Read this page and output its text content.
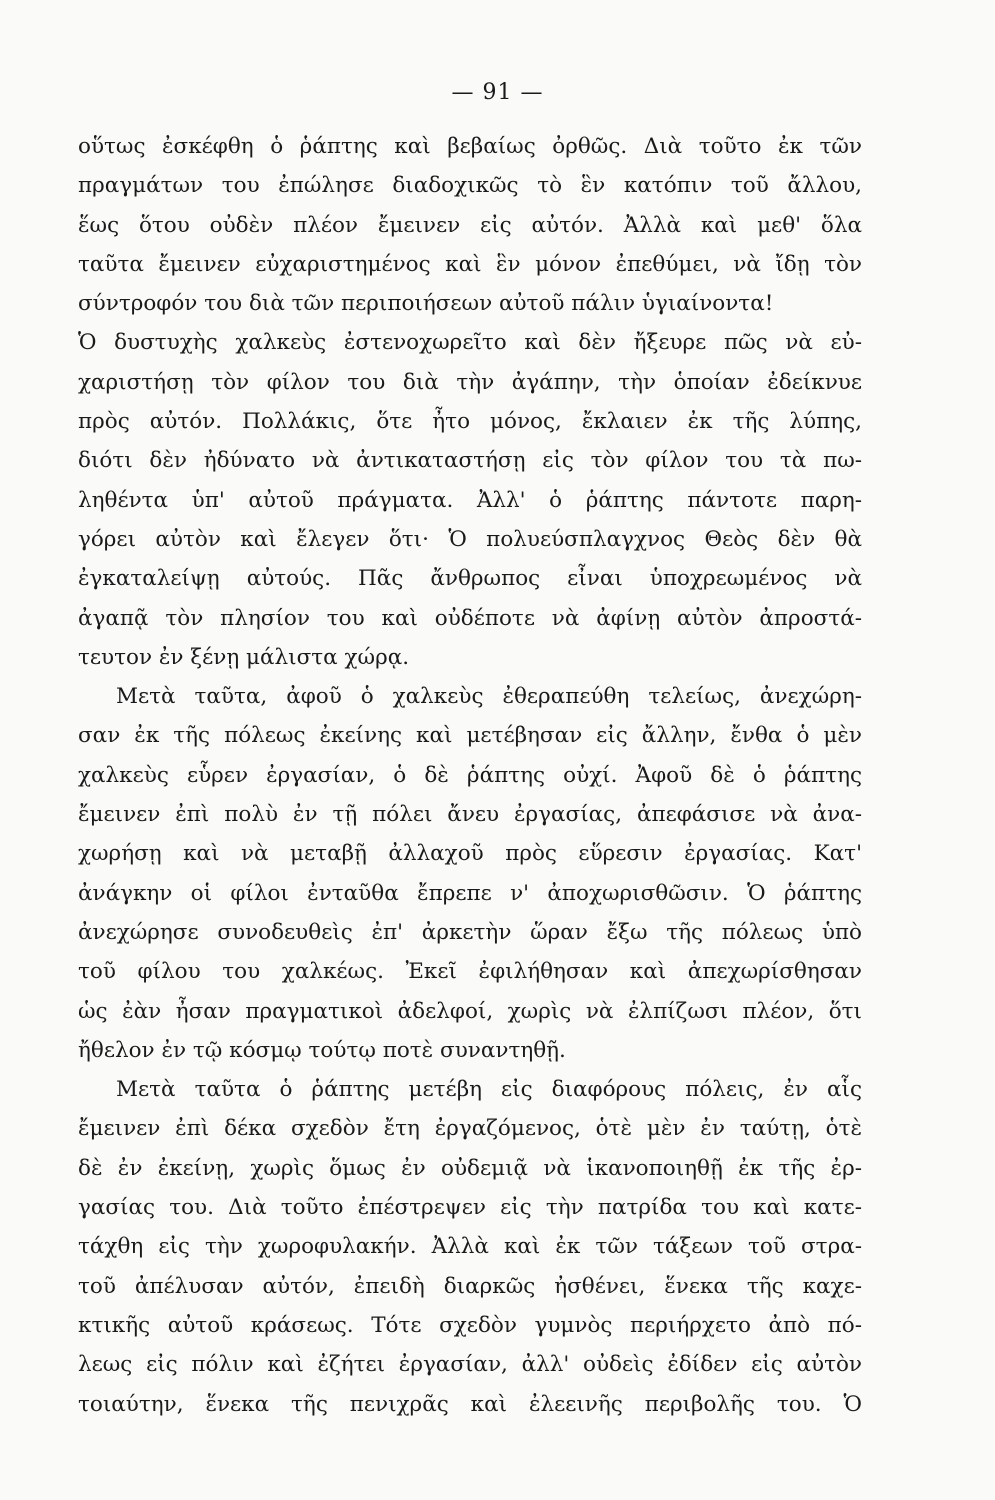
— 91 —
οὕτως ἐσκέφθη ὁ ῥάπτης καὶ βεβαίως ὀρθῶς. Διὰ τοῦτο ἐκ τῶν
πραγμάτων του ἐπώλησε διαδοχικῶς τὸ ἓν κατόπιν τοῦ ἄλλου,
ἕως ὅτου οὐδὲν πλέον ἔμεινεν εἰς αὐτόν. Ἀλλὰ καὶ μεθ' ὅλα
ταῦτα ἔμεινεν εὐχαριστημένος καὶ ἓν μόνον ἐπεθύμει, νὰ ἴδῃ τὸν
σύντροφόν του διὰ τῶν περιποιήσεων αὐτοῦ πάλιν ὑγιαίνοντα!
Ὁ δυστυχὴς χαλκεὺς ἐστενοχωρεῖτο καὶ δὲν ἤξευρε πῶς νὰ εὐ-
χαριστήσῃ τὸν φίλον του διὰ τὴν ἀγάπην, τὴν ὁποίαν ἐδείκνυε
πρὸς αὐτόν. Πολλάκις, ὅτε ἦτο μόνος, ἔκλαιεν ἐκ τῆς λύπης,
διότι δὲν ἠδύνατο νὰ ἀντικαταστήσῃ εἰς τὸν φίλον του τὰ πω-
ληθέντα ὑπ' αὐτοῦ πράγματα. Ἀλλ' ὁ ῥάπτης πάντοτε παρη-
γόρει αὐτὸν καὶ ἔλεγεν ὅτι· Ὁ πολυεύσπλαγχνος Θεὸς δὲν θὰ
ἐγκαταλείψῃ αὐτούς. Πᾶς ἄνθρωπος εἶναι ὑποχρεωμένος νὰ
ἀγαπᾷ τὸν πλησίον του καὶ οὐδέποτε νὰ ἀφίνῃ αὐτὸν ἀπροστά-
τευτον ἐν ξένῃ μάλιστα χώρᾳ.
Μετὰ ταῦτα, ἀφοῦ ὁ χαλκεὺς ἐθεραπεύθη τελείως, ἀνεχώρη-
σαν ἐκ τῆς πόλεως ἐκείνης καὶ μετέβησαν εἰς ἄλλην, ἔνθα ὁ μὲν
χαλκεὺς εὗρεν ἐργασίαν, ὁ δὲ ῥάπτης οὐχί. Ἀφοῦ δὲ ὁ ῥάπτης
ἔμεινεν ἐπὶ πολὺ ἐν τῇ πόλει ἄνευ ἐργασίας, ἀπεφάσισε νὰ ἀνα-
χωρήσῃ καὶ νὰ μεταβῇ ἀλλαχοῦ πρὸς εὕρεσιν ἐργασίας. Κατ'
ἀνάγκην οἱ φίλοι ἐνταῦθα ἔπρεπε ν' ἀποχωρισθῶσιν. Ὁ ῥάπτης
ἀνεχώρησε συνοδευθεὶς ἐπ' ἀρκετὴν ὥραν ἔξω τῆς πόλεως ὑπὸ
τοῦ φίλου του χαλκέως. Ἐκεῖ ἐφιλήθησαν καὶ ἀπεχωρίσθησαν
ὡς ἐὰν ἦσαν πραγματικοὶ ἀδελφοί, χωρὶς νὰ ἐλπίζωσι πλέον, ὅτι
ἤθελον ἐν τῷ κόσμῳ τούτῳ ποτὲ συναντηθῇ.
Μετὰ ταῦτα ὁ ῥάπτης μετέβη εἰς διαφόρους πόλεις, ἐν αἷς
ἔμεινεν ἐπὶ δέκα σχεδὸν ἔτη ἐργαζόμενος, ὁτὲ μὲν ἐν ταύτῃ, ὁτὲ
δὲ ἐν ἐκείνῃ, χωρὶς ὅμως ἐν οὐδεμιᾷ νὰ ἱκανοποιηθῇ ἐκ τῆς ἐρ-
γασίας του. Διὰ τοῦτο ἐπέστρεψεν εἰς τὴν πατρίδα του καὶ κατε-
τάχθη εἰς τὴν χωροφυλακήν. Ἀλλὰ καὶ ἐκ τῶν τάξεων τοῦ στρα-
τοῦ ἀπέλυσαν αὐτόν, ἐπειδὴ διαρκῶς ἠσθένει, ἕνεκα τῆς καχε-
κτικῆς αὐτοῦ κράσεως. Τότε σχεδὸν γυμνὸς περιήρχετο ἀπὸ πό-
λεως εἰς πόλιν καὶ ἐζήτει ἐργασίαν, ἀλλ' οὐδεὶς ἐδίδεν εἰς αὐτὸν
τοιαύτην, ἕνεκα τῆς πενιχρᾶς καὶ ἐλεεινῆς περιβολῆς του. Ὁ
